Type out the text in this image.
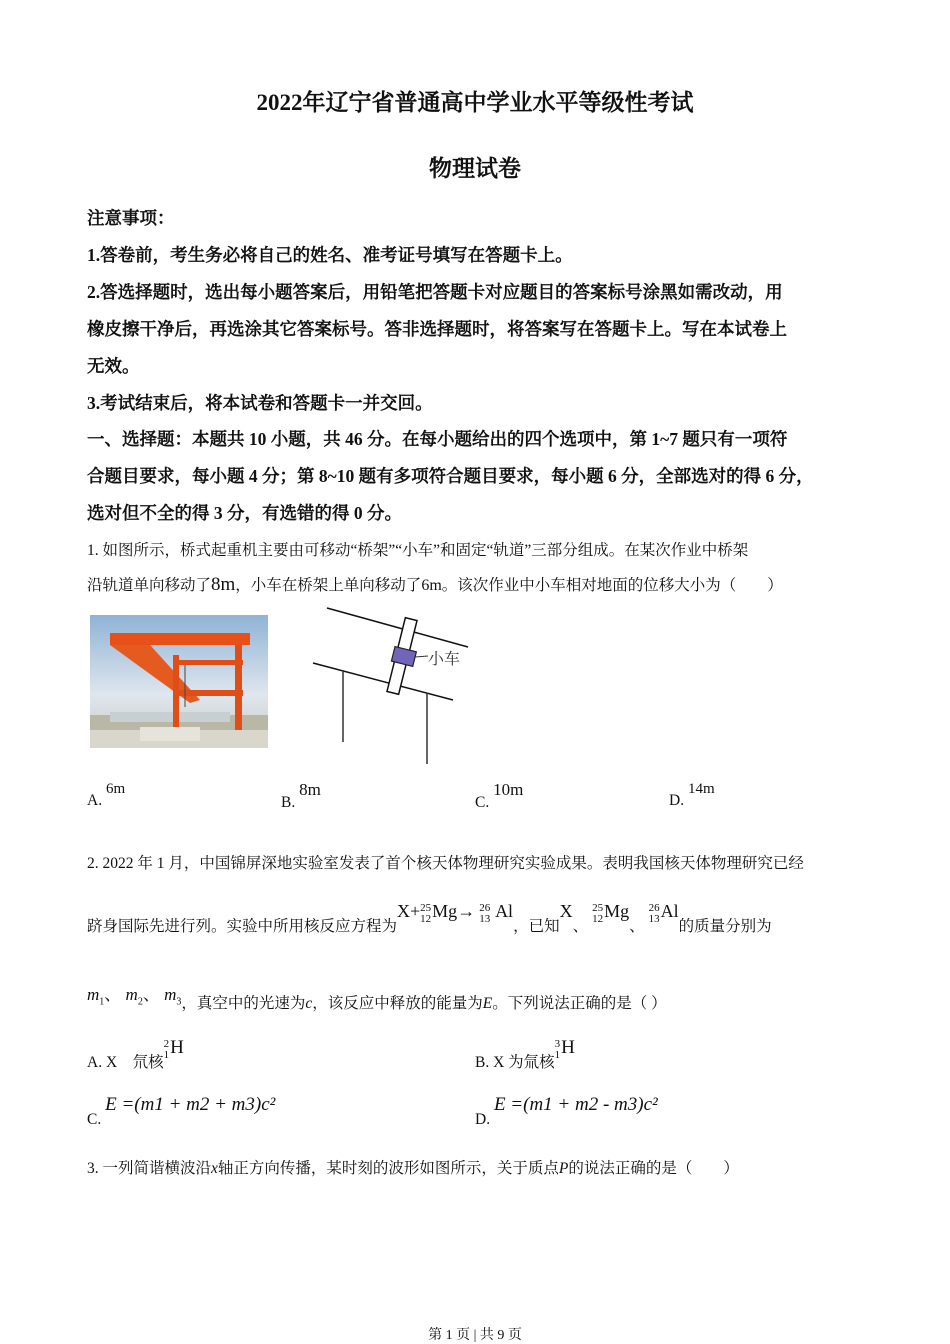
2022年辽宁省普通高中学业水平等级性考试
物理试卷
注意事项：
1.答卷前，考生务必将自己的姓名、准考证号填写在答题卡上。
2.答选择题时，选出每小题答案后，用铅笔把答题卡对应题目的答案标号涂黑如需改动，用
橡皮擦干净后，再选涂其它答案标号。答非选择题时，将答案写在答题卡上。写在本试卷上
无效。
3.考试结束后，将本试卷和答题卡一并交回。
一、选择题：本题共 10 小题，共 46 分。在每小题给出的四个选项中，第 1~7 题只有一项符
合题目要求，每小题 4 分；第 8~10 题有多项符合题目要求，每小题 6 分，全部选对的得 6 分，
选对但不全的得 3 分，有选错的得 0 分。
1. 如图所示，桥式起重机主要由可移动“桥架”“小车”和固定“轨道”三部分组成。在某次作业中桥架
沿轨道单向移动了8m，小车在桥架上单向移动了6m。该次作业中小车相对地面的位移大小为（　　）
小车
A. 6m
B. 8m
C. 10m
D. 14m
2. 2022 年 1 月，中国锦屏深地实验室发表了首个核天体物理研究实验成果。表明我国核天体物理研究已经
跻身国际先进行列。实验中所用核反应方程为X+ 25
12 Mg→ 26
13 Al，已知X、
25
12 Mg、
26
13 Al的质量分别为
$m_1$、 $m_2$、 $m_3$，真空中的光速为c，该反应中释放的能量为E。下列说法正确的是（ ）
A. X 氘核
2
1 H
B. X 为氚核
3
1 H
C. E =(m1 + m2 + m3)c²
D. E =(m1 + m2 - m3)c²
3. 一列简谐横波沿x轴正方向传播，某时刻的波形如图所示，关于质点P的说法正确的是（　　）
第 1 页 | 共 9 页
